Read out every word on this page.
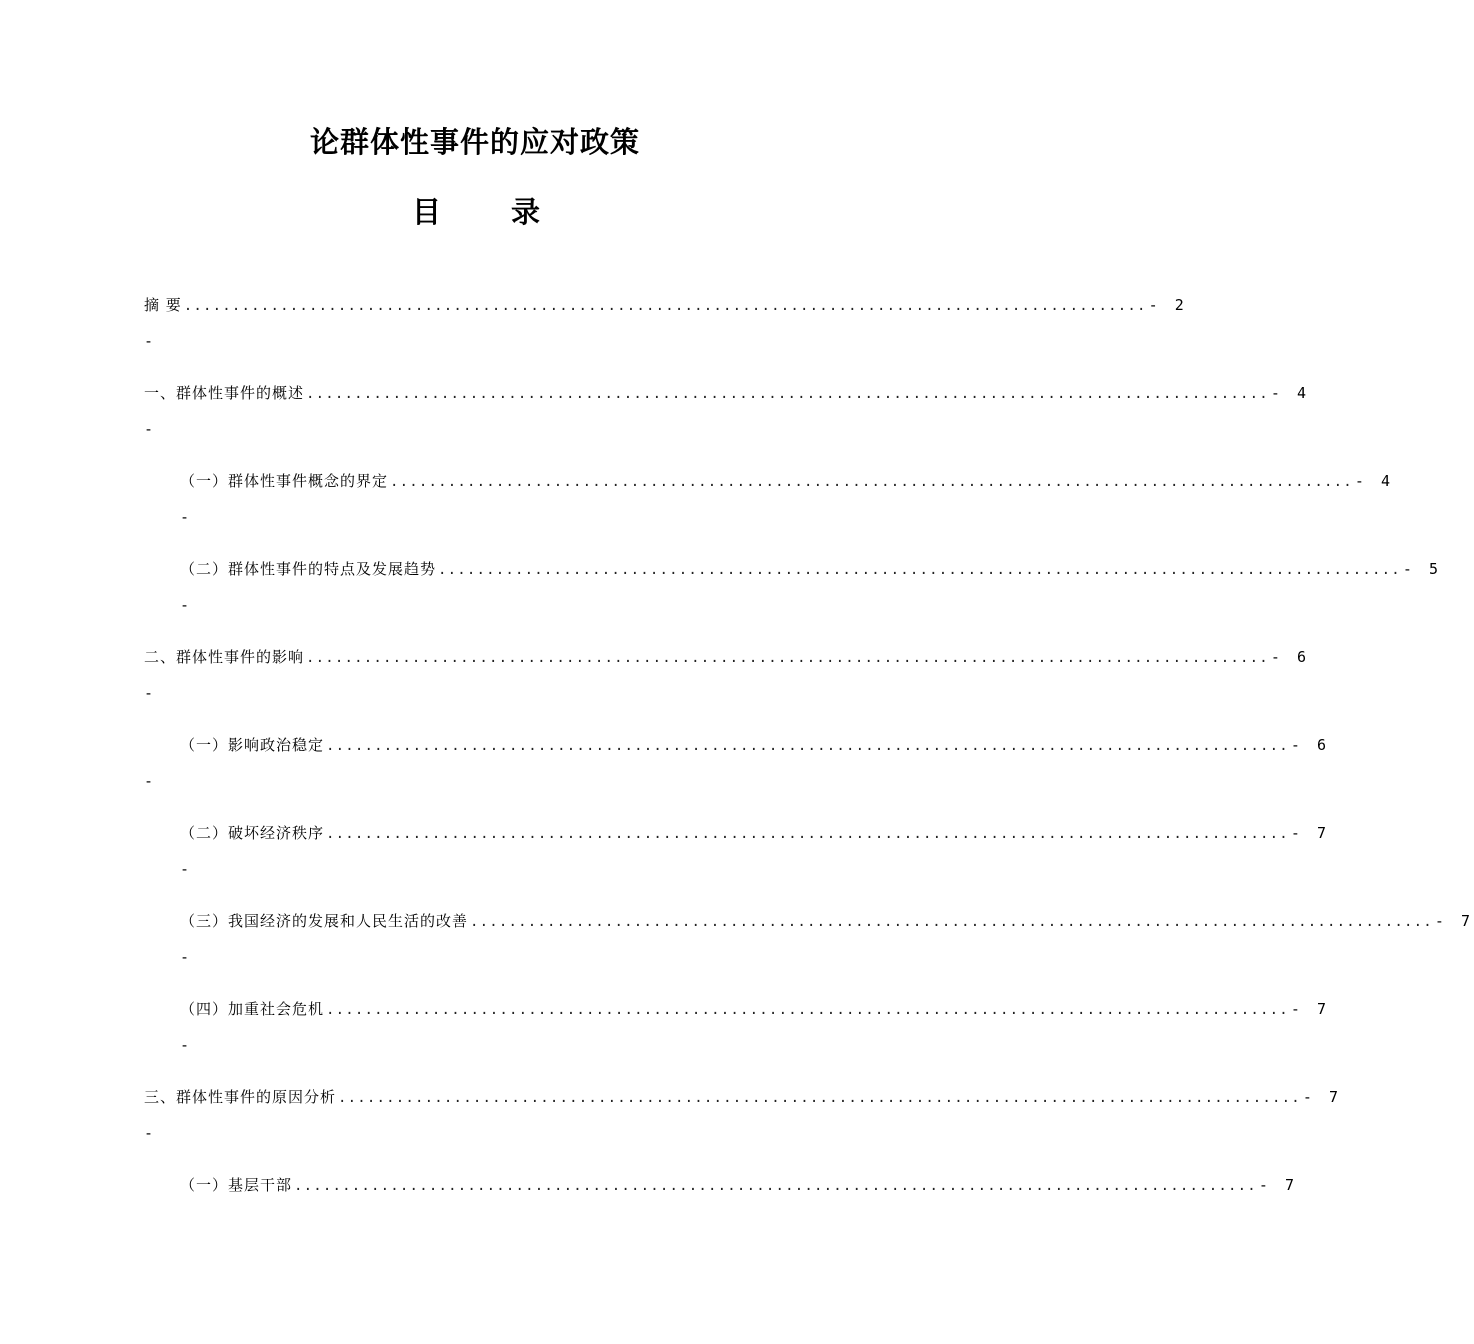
论群体性事件的应对政策
目 录
摘 要 .................................................................................................... - 2
-
一、群体性事件的概述 .................................................................................................... - 4
-
（一）群体性事件概念的界定 .................................................................................................... - 4
-
（二）群体性事件的特点及发展趋势 .................................................................................................... - 5
-
二、群体性事件的影响 .................................................................................................... - 6
-
（一）影响政治稳定 .................................................................................................... - 6
-
（二）破坏经济秩序 .................................................................................................... - 7
-
（三）我国经济的发展和人民生活的改善 .................................................................................................... - 7
-
（四）加重社会危机 .................................................................................................... - 7
-
三、群体性事件的原因分析 .................................................................................................... - 7
-
（一）基层干部 .................................................................................................... - 7
